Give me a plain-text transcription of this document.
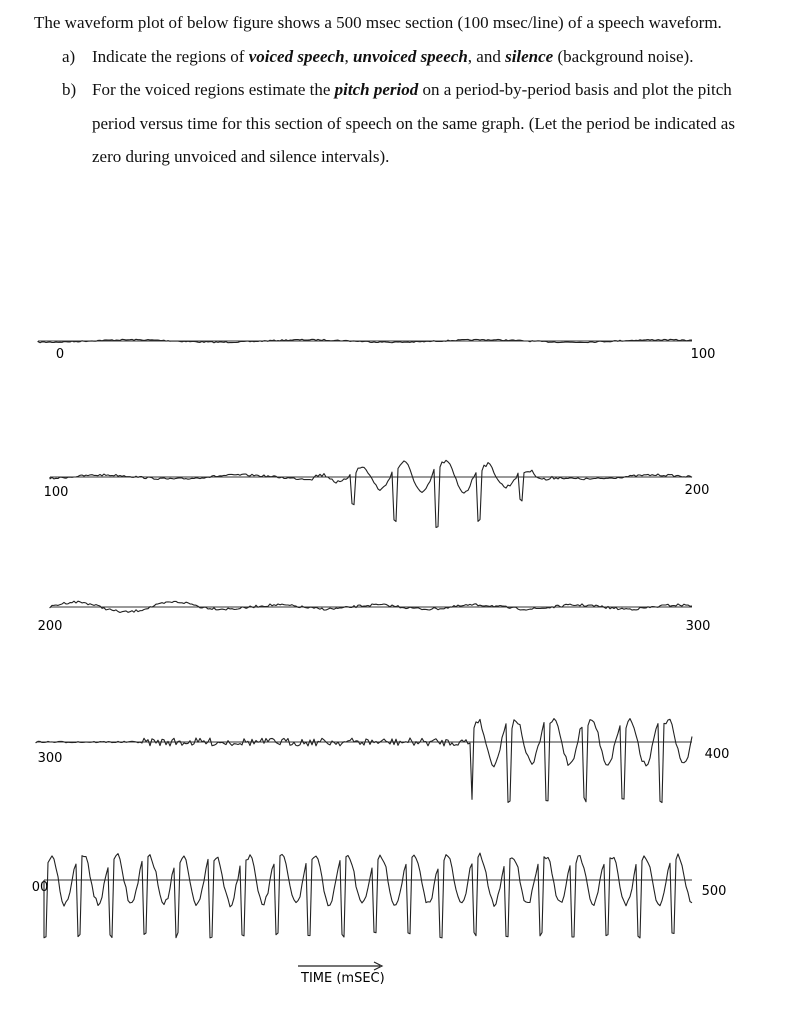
The waveform plot of below figure shows a 500 msec section (100 msec/line) of a speech waveform.

a) Indicate the regions of voiced speech, unvoiced speech, and silence (background noise).
b) For the voiced regions estimate the pitch period on a period-by-period basis and plot the pitch period versus time for this section of speech on the same graph. (Let the period be indicated as zero during unvoiced and silence intervals).
0	100
100	200
200	300
300	400
00	500
TIME (mSEC)
